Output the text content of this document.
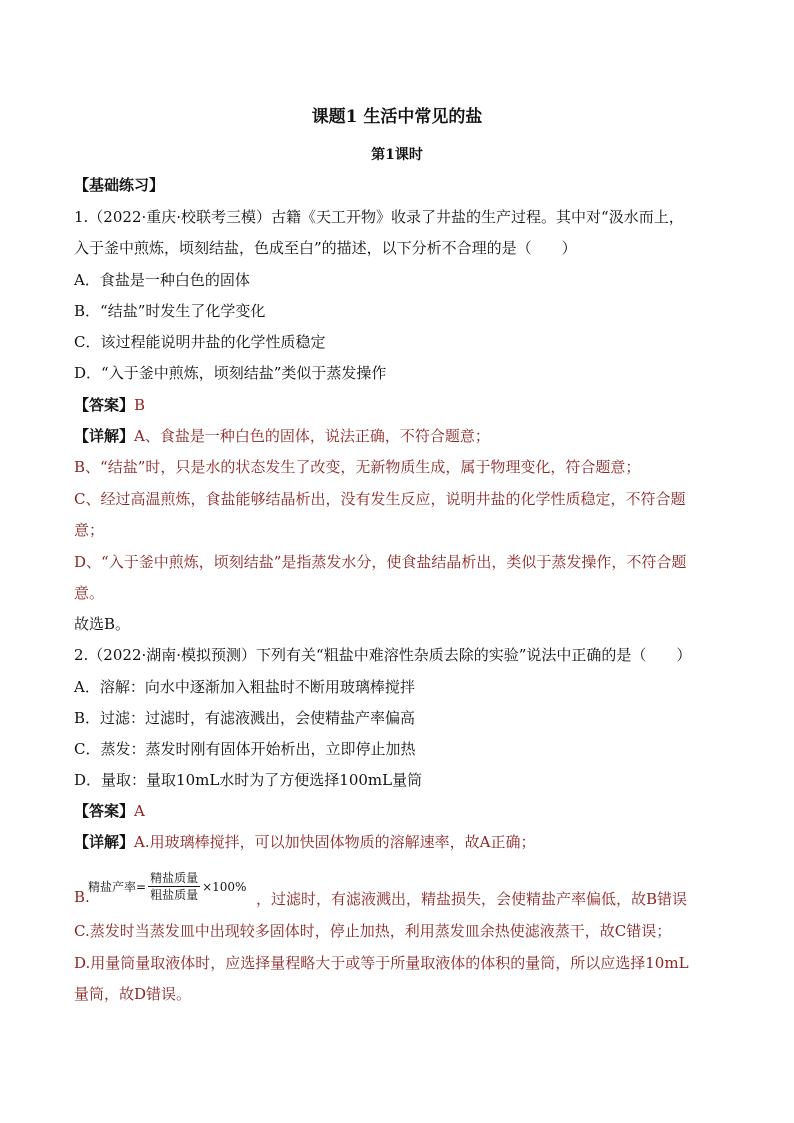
课题1 生活中常见的盐
第1课时

【基础练习】

1.（2022·重庆·校联考三模）古籍《天工开物》收录了井盐的生产过程。其中对“汲水而上，

入于釜中煎炼，顷刻结盐，色成至白”的描述，以下分析不合理的是（　　）

A．食盐是一种白色的固体

B．“结盐”时发生了化学变化

C．该过程能说明井盐的化学性质稳定

D．“入于釜中煎炼，顷刻结盐”类似于蒸发操作

【答案】B

【详解】A、食盐是一种白色的固体，说法正确，不符合题意；

B、“结盐”时，只是水的状态发生了改变，无新物质生成，属于物理变化，符合题意；

C、经过高温煎炼，食盐能够结晶析出，没有发生反应，说明井盐的化学性质稳定，不符合题

意；

D、“入于釜中煎炼，顷刻结盐”是指蒸发水分，使食盐结晶析出，类似于蒸发操作，不符合题

意。

故选B。

2.（2022·湖南·模拟预测）下列有关“粗盐中难溶性杂质去除的实验”说法中正确的是（　　）

A．溶解：向水中逐渐加入粗盐时不断用玻璃棒搅拌

B．过滤：过滤时，有滤液溅出，会使精盐产率偏高

C．蒸发：蒸发时刚有固体开始析出，立即停止加热

D．量取：量取10mL水时为了方便选择100mL量筒

【答案】A

【详解】A.用玻璃棒搅拌，可以加快固体物质的溶解速率，故A正确；

B.
精盐产率= $\frac{\text{精盐质量}}{\text{粗盐质量}} \times 100\%$
，过滤时，有滤液溅出，精盐损失，会使精盐产率偏低，故B错误

C.蒸发时当蒸发皿中出现较多固体时，停止加热，利用蒸发皿余热使滤液蒸干，故C错误；

D.用量筒量取液体时，应选择量程略大于或等于所量取液体的体积的量筒，所以应选择10mL

量筒，故D错误。
